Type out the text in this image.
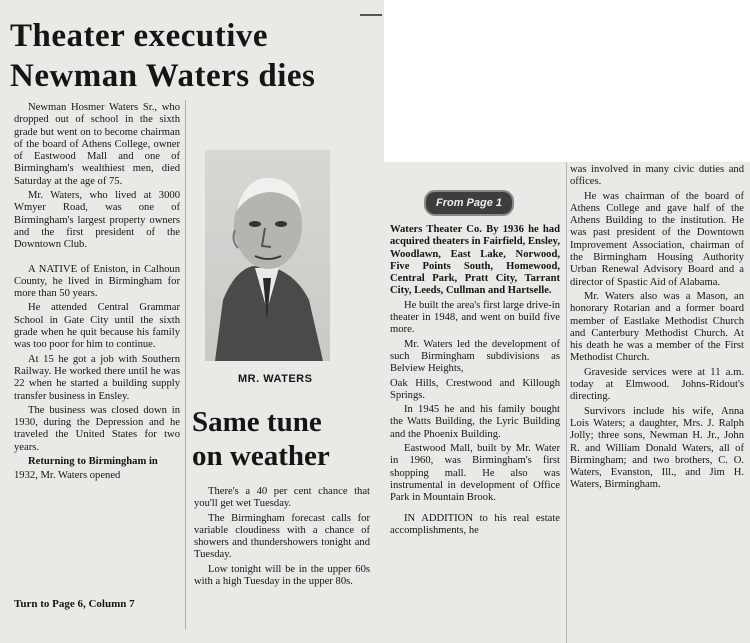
Theater executive
Newman Waters dies

Newman Hosmer Waters Sr., who dropped out of school in the sixth grade but went on to become chairman of the board of Athens College, owner of Eastwood Mall and one of Birmingham's wealthiest men, died Saturday at the age of 75.

Mr. Waters, who lived at 3000 Wmyer Road, was one of Birmingham's largest property owners and the first president of the Downtown Club.

A NATIVE of Eniston, in Calhoun County, he lived in Birmingham for more than 50 years.

He attended Central Grammar School in Gate City until the sixth grade when he quit because his family was too poor for him to continue.

At 15 he got a job with Southern Railway. He worked there until he was 22 when he started a building supply transfer business in Ensley.

The business was closed down in 1930, during the Depression and he traveled the United States for two years.

Returning to Birmingham in

1932, Mr. Waters opened

Turn to Page 6, Column 7
MR. WATERS
Same tune
on weather

There's a 40 per cent chance that you'll get wet Tuesday.

The Birmingham forecast calls for variable cloudiness with a chance of showers and thundershowers tonight and Tuesday.

Low tonight will be in the upper 60s with a high Tuesday in the upper 80s.

From Page 1

Waters Theater Co. By 1936 he had acquired theaters in Fairfield, Ensley, Woodlawn, East Lake, Norwood, Five Points South, Homewood, Central Park, Pratt City, Tarrant City, Leeds, Cullman and Hartselle.

He built the area's first large drive-in theater in 1948, and went on build five more.

Mr. Waters led the development of such Birmingham subdivisions as Belview Heights,

Oak Hills, Crestwood and Killough Springs.

In 1945 he and his family bought the Watts Building, the Lyric Building and the Phoenix Building.

Eastwood Mall, built by Mr. Water in 1960, was Birmingham's first shopping mall. He also was instrumental in development of Office Park in Mountain Brook.

IN ADDITION to his real estate accomplishments, he

was involved in many civic duties and offices.

He was chairman of the board of Athens College and gave half of the Athens Building to the institution. He was past president of the Downtown Improvement Association, chairman of the Birmingham Housing Authority Urban Renewal Advisory Board and a director of Spastic Aid of Alabama.

Mr. Waters also was a Mason, an honorary Rotarian and a former board member of Eastlake Methodist Church and Canterbury Methodist Church. At his death he was a member of the First Methodist Church.

Graveside services were at 11 a.m. today at Elmwood. Johns-Ridout's directing.

Survivors include his wife, Anna Lois Waters; a daughter, Mrs. J. Ralph Jolly; three sons, Newman H. Jr., John R. and William Donald Waters, all of Birmingham; and two brothers, C. O. Waters, Evanston, Ill., and Jim H. Waters, Birmingham.
